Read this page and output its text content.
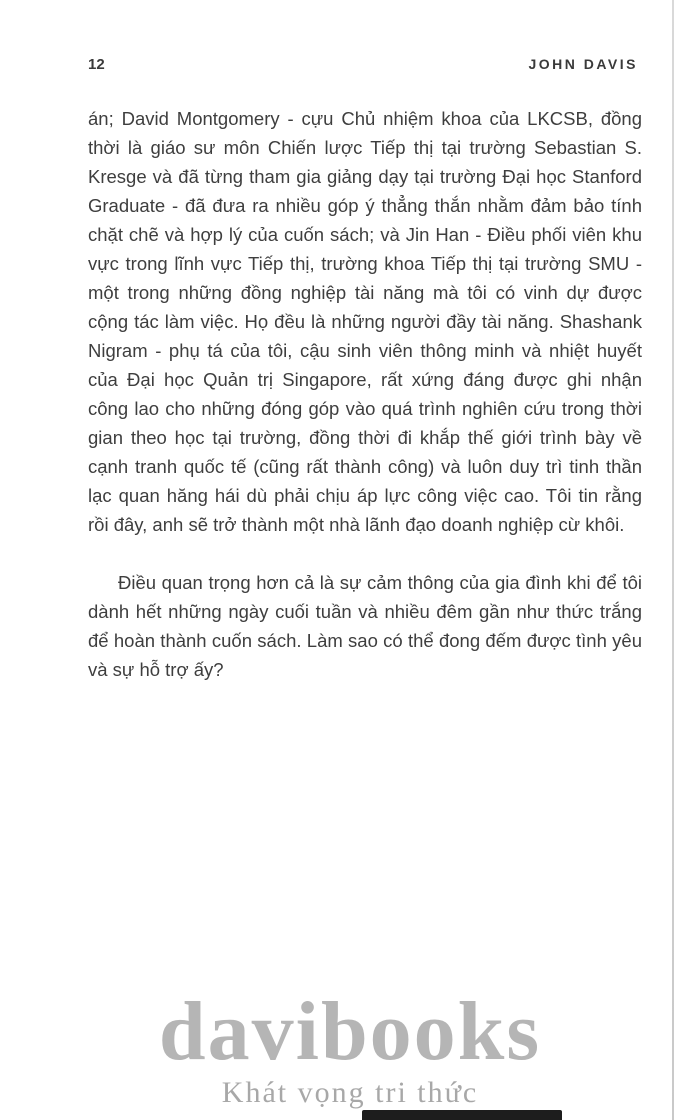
12	JOHN DAVIS

án; David Montgomery - cựu Chủ nhiệm khoa của LKCSB, đồng thời là giáo sư môn Chiến lược Tiếp thị tại trường Sebastian S. Kresge và đã từng tham gia giảng dạy tại trường Đại học Stanford Graduate - đã đưa ra nhiều góp ý thẳng thắn nhằm đảm bảo tính chặt chẽ và hợp lý của cuốn sách; và Jin Han - Điều phối viên khu vực trong lĩnh vực Tiếp thị, trường khoa Tiếp thị tại trường SMU - một trong những đồng nghiệp tài năng mà tôi có vinh dự được cộng tác làm việc. Họ đều là những người đầy tài năng. Shashank Nigram - phụ tá của tôi, cậu sinh viên thông minh và nhiệt huyết của Đại học Quản trị Singapore, rất xứng đáng được ghi nhận công lao cho những đóng góp vào quá trình nghiên cứu trong thời gian theo học tại trường, đồng thời đi khắp thế giới trình bày về cạnh tranh quốc tế (cũng rất thành công) và luôn duy trì tinh thần lạc quan hăng hái dù phải chịu áp lực công việc cao. Tôi tin rằng rồi đây, anh sẽ trở thành một nhà lãnh đạo doanh nghiệp cừ khôi.

Điều quan trọng hơn cả là sự cảm thông của gia đình khi để tôi dành hết những ngày cuối tuần và nhiều đêm gần như thức trắng để hoàn thành cuốn sách. Làm sao có thể đong đếm được tình yêu và sự hỗ trợ ấy?

davibooks
Khát vọng tri thức
